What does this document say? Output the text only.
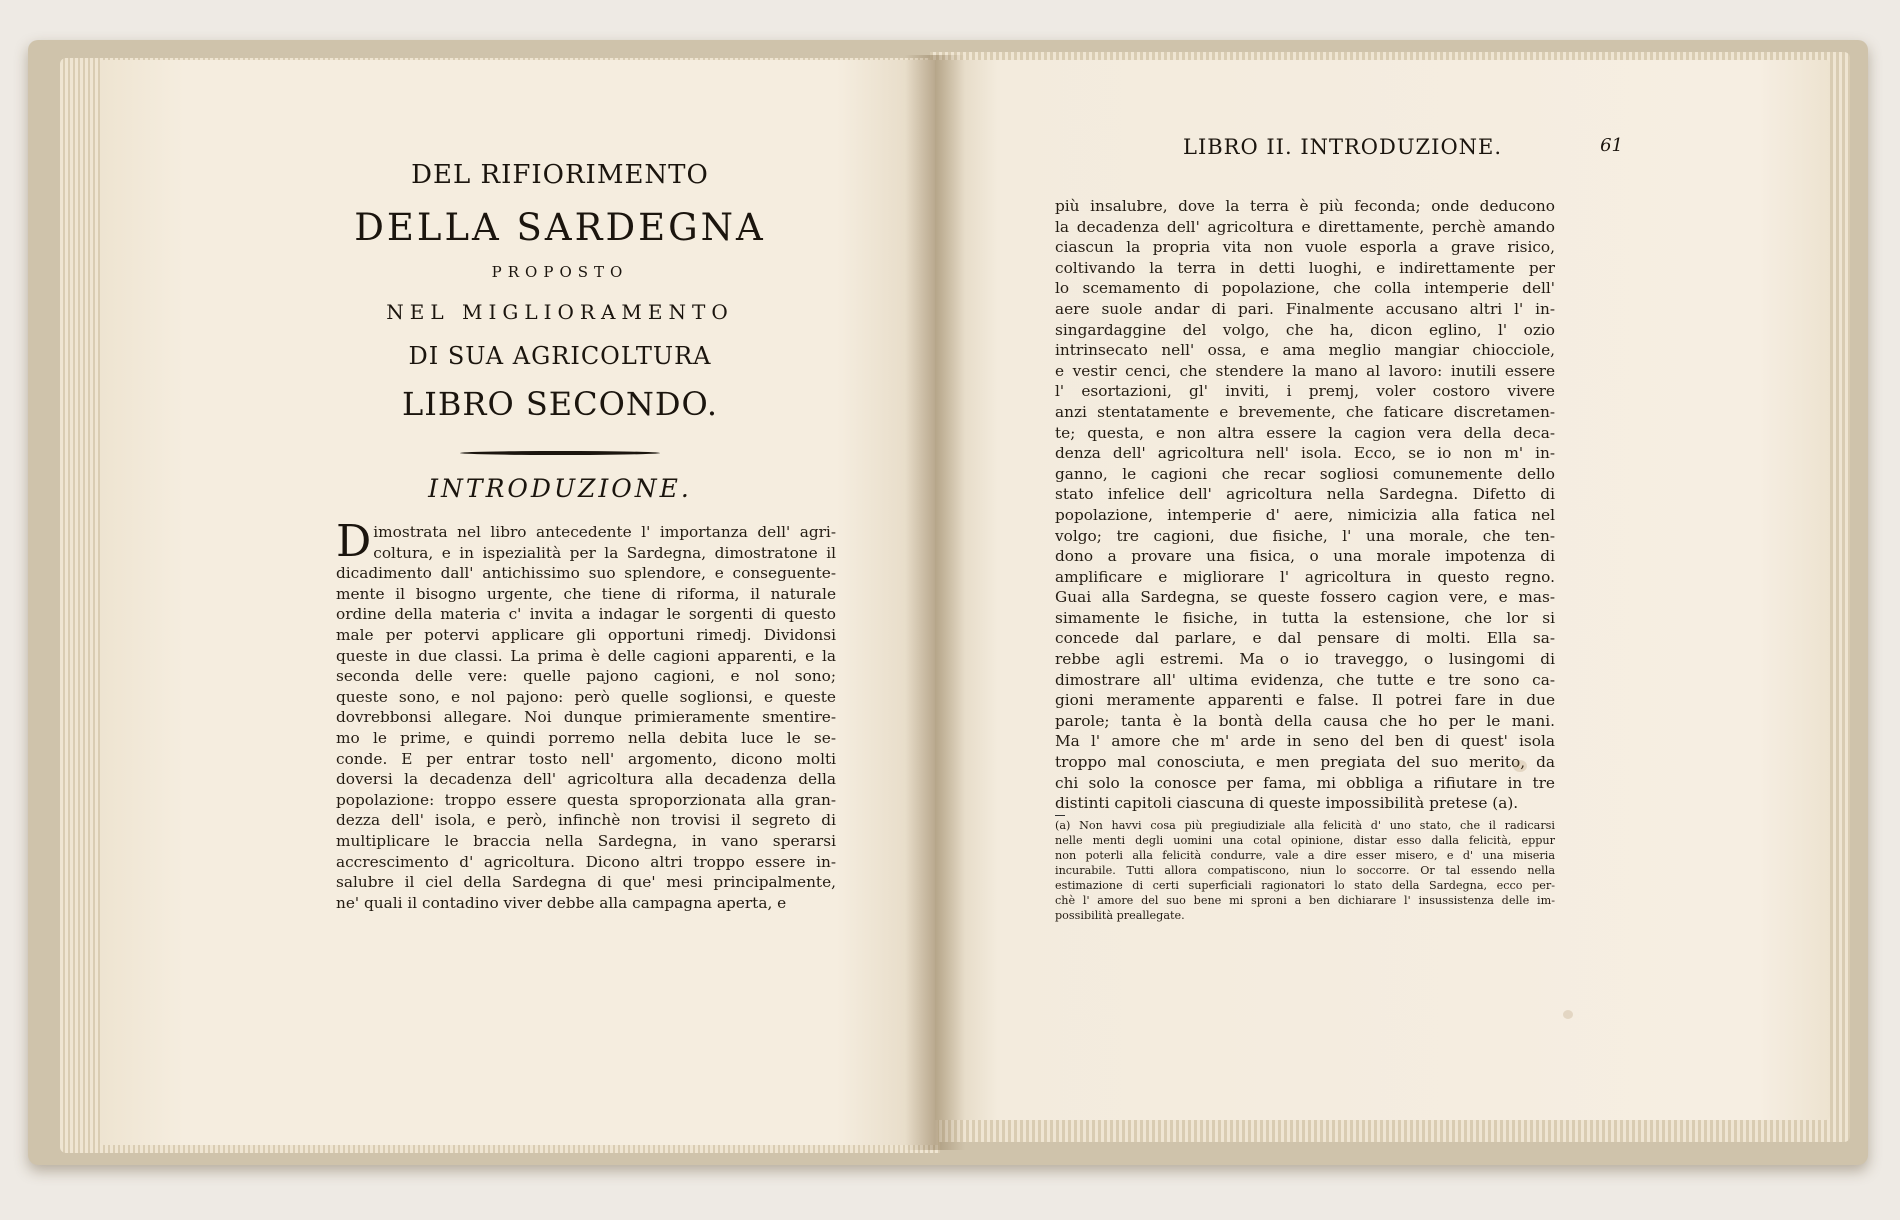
DEL RIFIORIMENTO
DELLA SARDEGNA
PROPOSTO
NEL MIGLIORAMENTO
DI SUA AGRICOLTURA
LIBRO SECONDO.
INTRODUZIONE.
D imostrata nel libro antecedente l' importanza dell' agri-
coltura, e in ispezialità per la Sardegna, dimostratone il
dicadimento dall' antichissimo suo splendore, e conseguente-
mente il bisogno urgente, che tiene di riforma, il naturale
ordine della materia c' invita a indagar le sorgenti di questo
male per potervi applicare gli opportuni rimedj. Dividonsi
queste in due classi. La prima è delle cagioni apparenti, e la
seconda delle vere: quelle pajono cagioni, e nol sono;
queste sono, e nol pajono: però quelle soglionsi, e queste
dovrebbonsi allegare. Noi dunque primieramente smentire-
mo le prime, e quindi porremo nella debita luce le se-
conde. E per entrar tosto nell' argomento, dicono molti
doversi la decadenza dell' agricoltura alla decadenza della
popolazione: troppo essere questa sproporzionata alla gran-
dezza dell' isola, e però, infinchè non trovisi il segreto di
multiplicare le braccia nella Sardegna, in vano sperarsi
accrescimento d' agricoltura. Dicono altri troppo essere in-
salubre il ciel della Sardegna di que' mesi principalmente,
ne' quali il contadino viver debbe alla campagna aperta, e
LIBRO II. INTRODUZIONE.	61
più insalubre, dove la terra è più feconda; onde deducono
la decadenza dell' agricoltura e direttamente, perchè amando
ciascun la propria vita non vuole esporla a grave risico,
coltivando la terra in detti luoghi, e indirettamente per
lo scemamento di popolazione, che colla intemperie dell'
aere suole andar di pari. Finalmente accusano altri l' in-
singardaggine del volgo, che ha, dicon eglino, l' ozio
intrinsecato nell' ossa, e ama meglio mangiar chiocciole,
e vestir cenci, che stendere la mano al lavoro: inutili essere
l' esortazioni, gl' inviti, i premj, voler costoro vivere
anzi stentatamente e brevemente, che faticare discretamen-
te; questa, e non altra essere la cagion vera della deca-
denza dell' agricoltura nell' isola. Ecco, se io non m' in-
ganno, le cagioni che recar sogliosi comunemente dello
stato infelice dell' agricoltura nella Sardegna. Difetto di
popolazione, intemperie d' aere, nimicizia alla fatica nel
volgo; tre cagioni, due fisiche, l' una morale, che ten-
dono a provare una fisica, o una morale impotenza di
amplificare e migliorare l' agricoltura in questo regno.
Guai alla Sardegna, se queste fossero cagion vere, e mas-
simamente le fisiche, in tutta la estensione, che lor si
concede dal parlare, e dal pensare di molti. Ella sa-
rebbe agli estremi. Ma o io traveggo, o lusingomi di
dimostrare all' ultima evidenza, che tutte e tre sono ca-
gioni meramente apparenti e false. Il potrei fare in due
parole; tanta è la bontà della causa che ho per le mani.
Ma l' amore che m' arde in seno del ben di quest' isola
troppo mal conosciuta, e men pregiata del suo merito, da
chi solo la conosce per fama, mi obbliga a rifiutare in tre
distinti capitoli ciascuna di queste impossibilità pretese (a).
(a) Non havvi cosa più pregiudiziale alla felicità d' uno stato, che il radicarsi
nelle menti degli uomini una cotal opinione, distar esso dalla felicità, eppur
non poterli alla felicità condurre, vale a dire esser misero, e d' una miseria
incurabile. Tutti allora compatiscono, niun lo soccorre. Or tal essendo nella
estimazione di certi superficiali ragionatori lo stato della Sardegna, ecco per-
chè l' amore del suo bene mi sproni a ben dichiarare l' insussistenza delle im-
possibilità preallegate.
